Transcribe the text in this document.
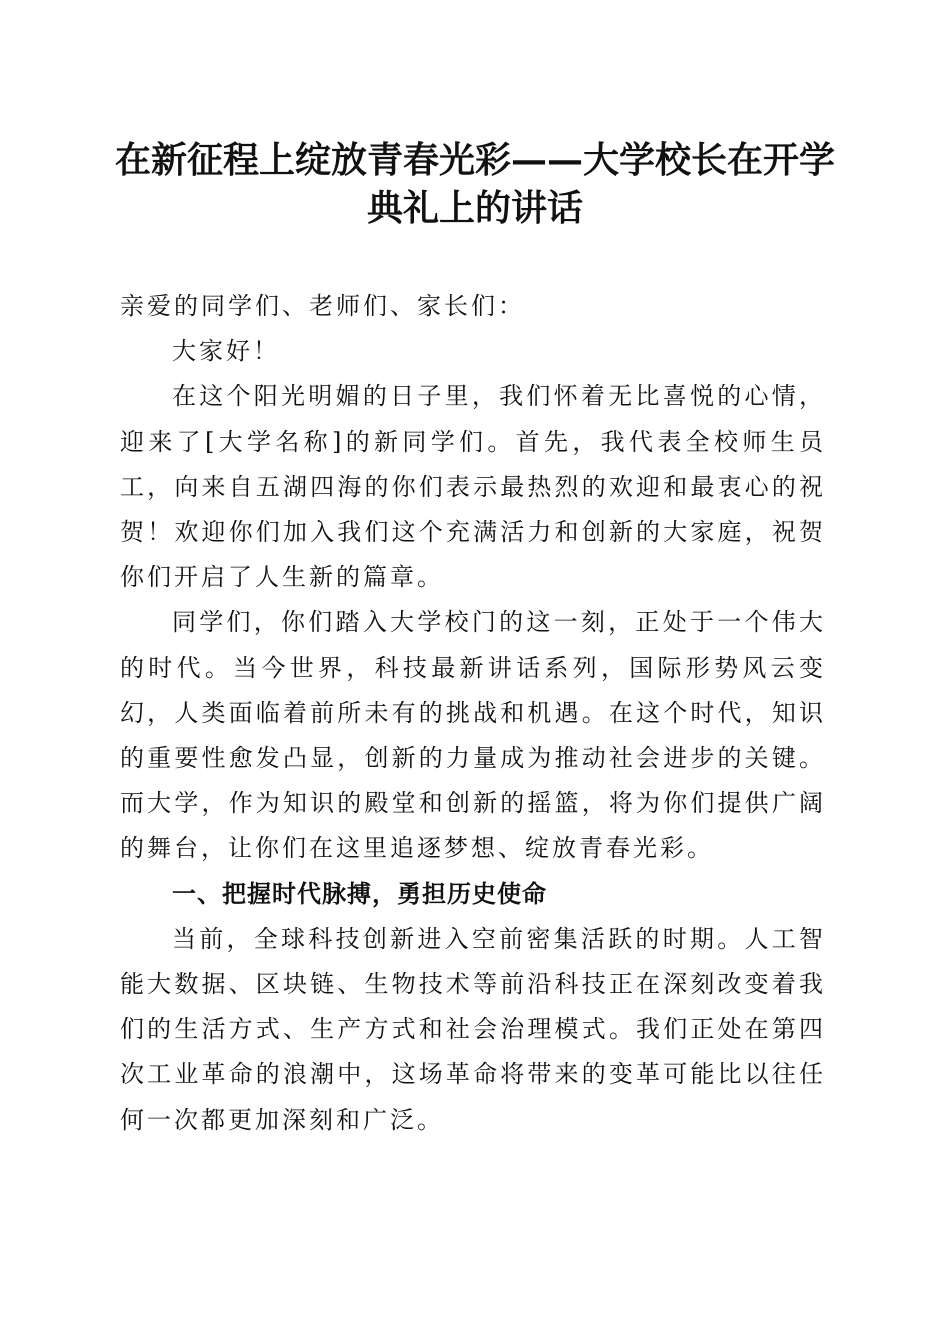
在新征程上绽放青春光彩——大学校长在开学典礼上的讲话

亲爱的同学们、老师们、家长们：

大家好！

在这个阳光明媚的日子里，我们怀着无比喜悦的心情，迎来了[大学名称]的新同学们。首先，我代表全校师生员工，向来自五湖四海的你们表示最热烈的欢迎和最衷心的祝贺！欢迎你们加入我们这个充满活力和创新的大家庭，祝贺你们开启了人生新的篇章。

同学们，你们踏入大学校门的这一刻，正处于一个伟大的时代。当今世界，科技最新讲话系列，国际形势风云变幻，人类面临着前所未有的挑战和机遇。在这个时代，知识的重要性愈发凸显，创新的力量成为推动社会进步的关键。而大学，作为知识的殿堂和创新的摇篮，将为你们提供广阔的舞台，让你们在这里追逐梦想、绽放青春光彩。

一、把握时代脉搏，勇担历史使命

当前，全球科技创新进入空前密集活跃的时期。人工智能大数据、区块链、生物技术等前沿科技正在深刻改变着我们的生活方式、生产方式和社会治理模式。我们正处在第四次工业革命的浪潮中，这场革命将带来的变革可能比以往任何一次都更加深刻和广泛。
